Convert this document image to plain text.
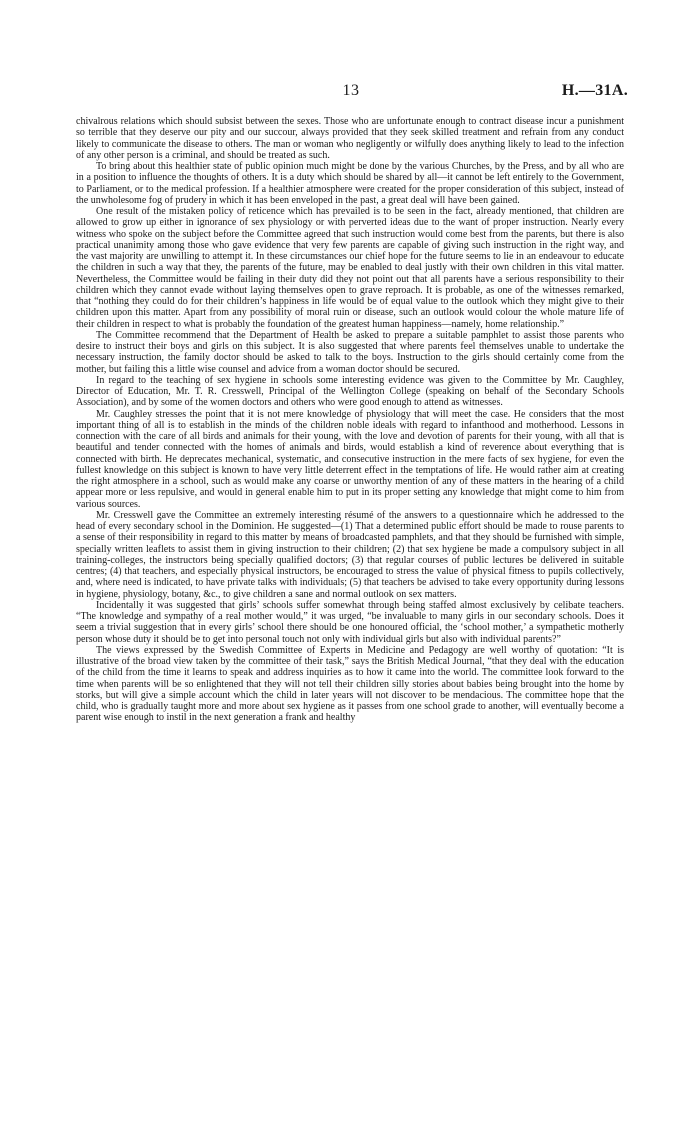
13	H.—31A.

chivalrous relations which should subsist between the sexes. Those who are unfortunate enough to contract disease incur a punishment so terrible that they deserve our pity and our succour, always provided that they seek skilled treatment and refrain from any conduct likely to communicate the disease to others. The man or woman who negligently or wilfully does anything likely to lead to the infection of any other person is a criminal, and should be treated as such.

To bring about this healthier state of public opinion much might be done by the various Churches, by the Press, and by all who are in a position to influence the thoughts of others. It is a duty which should be shared by all—it cannot be left entirely to the Government, to Parliament, or to the medical profession. If a healthier atmosphere were created for the proper consideration of this subject, instead of the unwholesome fog of prudery in which it has been enveloped in the past, a great deal will have been gained.

One result of the mistaken policy of reticence which has prevailed is to be seen in the fact, already mentioned, that children are allowed to grow up either in ignorance of sex physiology or with perverted ideas due to the want of proper instruction. Nearly every witness who spoke on the subject before the Committee agreed that such instruction would come best from the parents, but there is also practical unanimity among those who gave evidence that very few parents are capable of giving such instruction in the right way, and the vast majority are unwilling to attempt it. In these circumstances our chief hope for the future seems to lie in an endeavour to educate the children in such a way that they, the parents of the future, may be enabled to deal justly with their own children in this vital matter. Nevertheless, the Committee would be failing in their duty did they not point out that all parents have a serious responsibility to their children which they cannot evade without laying themselves open to grave reproach. It is probable, as one of the witnesses remarked, that “nothing they could do for their children’s happiness in life would be of equal value to the outlook which they might give to their children upon this matter. Apart from any possibility of moral ruin or disease, such an outlook would colour the whole mature life of their children in respect to what is probably the foundation of the greatest human happiness—namely, home relationship.”

The Committee recommend that the Department of Health be asked to prepare a suitable pamphlet to assist those parents who desire to instruct their boys and girls on this subject. It is also suggested that where parents feel themselves unable to undertake the necessary instruction, the family doctor should be asked to talk to the boys. Instruction to the girls should certainly come from the mother, but failing this a little wise counsel and advice from a woman doctor should be secured.

In regard to the teaching of sex hygiene in schools some interesting evidence was given to the Committee by Mr. Caughley, Director of Education, Mr. T. R. Cresswell, Principal of the Wellington College (speaking on behalf of the Secondary Schools Association), and by some of the women doctors and others who were good enough to attend as witnesses.

Mr. Caughley stresses the point that it is not mere knowledge of physiology that will meet the case. He considers that the most important thing of all is to establish in the minds of the children noble ideals with regard to infanthood and motherhood. Lessons in connection with the care of all birds and animals for their young, with the love and devotion of parents for their young, with all that is beautiful and tender connected with the homes of animals and birds, would establish a kind of reverence about everything that is connected with birth. He deprecates mechanical, systematic, and consecutive instruction in the mere facts of sex hygiene, for even the fullest knowledge on this subject is known to have very little deterrent effect in the temptations of life. He would rather aim at creating the right atmosphere in a school, such as would make any coarse or unworthy mention of any of these matters in the hearing of a child appear more or less repulsive, and would in general enable him to put in its proper setting any knowledge that might come to him from various sources.

Mr. Cresswell gave the Committee an extremely interesting résumé of the answers to a questionnaire which he addressed to the head of every secondary school in the Dominion. He suggested—(1) That a determined public effort should be made to rouse parents to a sense of their responsibility in regard to this matter by means of broadcasted pamphlets, and that they should be furnished with simple, specially written leaflets to assist them in giving instruction to their children; (2) that sex hygiene be made a compulsory subject in all training-colleges, the instructors being specially qualified doctors; (3) that regular courses of public lectures be delivered in suitable centres; (4) that teachers, and especially physical instructors, be encouraged to stress the value of physical fitness to pupils collectively, and, where need is indicated, to have private talks with individuals; (5) that teachers be advised to take every opportunity during lessons in hygiene, physiology, botany, &c., to give children a sane and normal outlook on sex matters.

Incidentally it was suggested that girls’ schools suffer somewhat through being staffed almost exclusively by celibate teachers. “The knowledge and sympathy of a real mother would,” it was urged, “be invaluable to many girls in our secondary schools. Does it seem a trivial suggestion that in every girls’ school there should be one honoured official, the ‘school mother,’ a sympathetic motherly person whose duty it should be to get into personal touch not only with individual girls but also with individual parents?”

The views expressed by the Swedish Committee of Experts in Medicine and Pedagogy are well worthy of quotation: “It is illustrative of the broad view taken by the committee of their task,” says the British Medical Journal, “that they deal with the education of the child from the time it learns to speak and address inquiries as to how it came into the world. The committee look forward to the time when parents will be so enlightened that they will not tell their children silly stories about babies being brought into the home by storks, but will give a simple account which the child in later years will not discover to be mendacious. The committee hope that the child, who is gradually taught more and more about sex hygiene as it passes from one school grade to another, will eventually become a parent wise enough to instil in the next generation a frank and healthy
